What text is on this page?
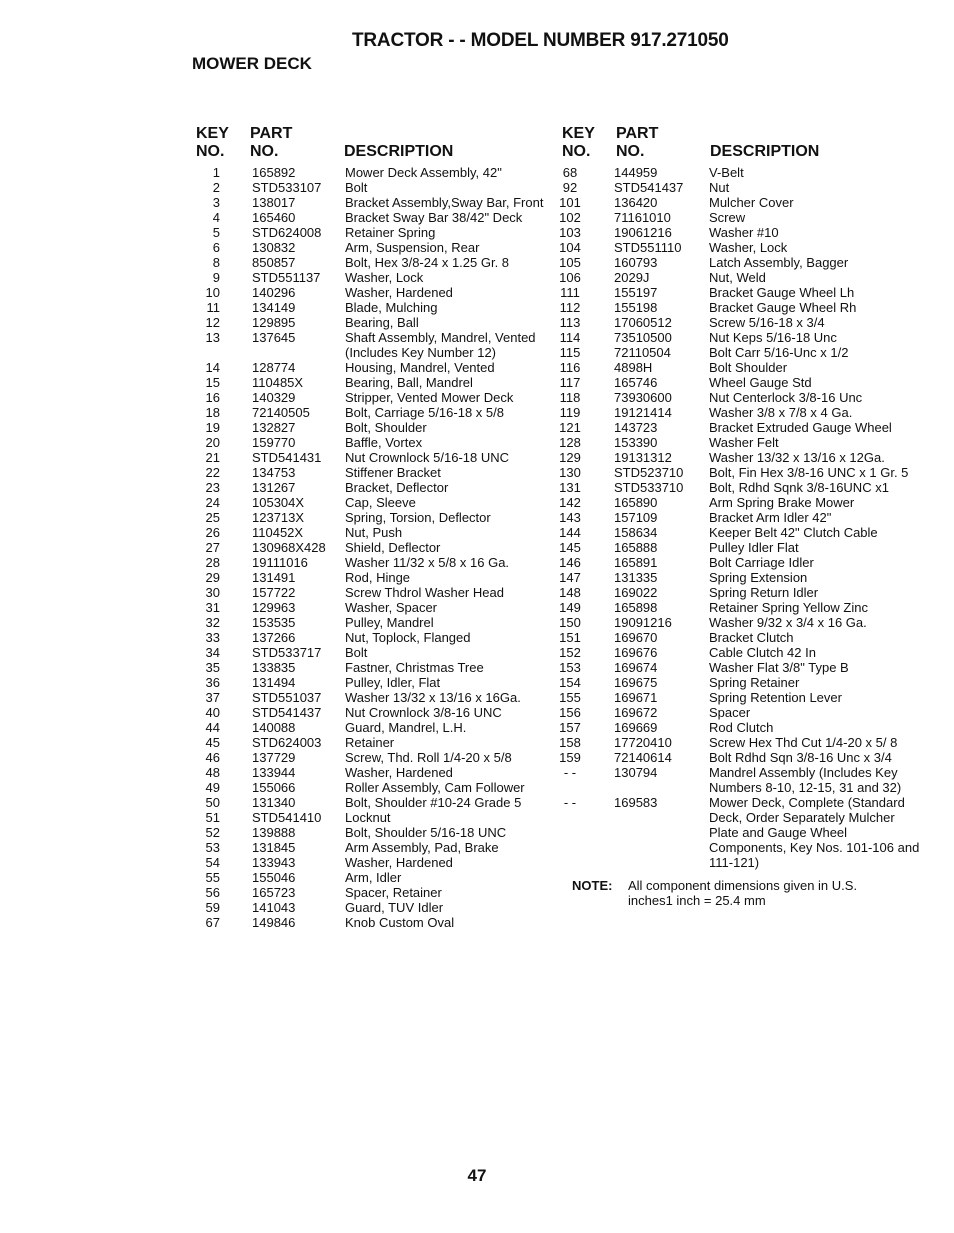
TRACTOR - - MODEL NUMBER 917.271050
MOWER DECK
KEY
NO.
PART
NO.	DESCRIPTION
1 165892	Mower Deck Assembly, 42"
2 STD533107 Bolt
3 138017	Bracket Assembly,Sway Bar, Front
4 165460	Bracket Sway Bar 38/42" Deck
5 STD624008 Retainer Spring
6 130832	Arm, Suspension, Rear
8 850857	Bolt, Hex 3/8-24 x 1.25 Gr. 8
9 STD551137 Washer, Lock
10 140296	Washer, Hardened
11 134149	Blade, Mulching
12 129895	Bearing, Ball
13 137645	Shaft Assembly, Mandrel, Vented (Includes Key Number 12)
14 128774	Housing, Mandrel, Vented
15 110485X	Bearing, Ball, Mandrel
16 140329	Stripper, Vented Mower Deck
18 72140505	Bolt, Carriage 5/16-18 x 5/8
19 132827	Bolt, Shoulder
20 159770	Baffle, Vortex
21 STD541431 Nut Crownlock 5/16-18 UNC
22 134753	Stiffener Bracket
23 131267	Bracket, Deflector
24 105304X	Cap, Sleeve
25 123713X	Spring, Torsion, Deflector
26 110452X	Nut, Push
27 130968X428 Shield, Deflector
28 19111016	Washer 11/32 x 5/8 x 16 Ga.
29 131491	Rod, Hinge
30 157722	Screw Thdrol Washer Head
31 129963	Washer, Spacer
32 153535	Pulley, Mandrel
33 137266	Nut, Toplock, Flanged
34 STD533717 Bolt
35 133835	Fastner, Christmas Tree
36 131494	Pulley, Idler, Flat
37 STD551037 Washer 13/32 x 13/16 x 16Ga.
40 STD541437 Nut Crownlock 3/8-16 UNC
44 140088	Guard, Mandrel, L.H.
45 STD624003 Retainer
46 137729	Screw, Thd. Roll 1/4-20 x 5/8
48 133944	Washer, Hardened
49 155066	Roller Assembly, Cam Follower
50 131340	Bolt, Shoulder #10-24 Grade 5
51 STD541410 Locknut
52 139888	Bolt, Shoulder 5/16-18 UNC
53 131845	Arm Assembly, Pad, Brake
54 133943	Washer, Hardened
55 155046	Arm, Idler
56 165723	Spacer, Retainer
59 141043	Guard, TUV Idler
67 149846	Knob Custom Oval
KEY
NO.
PART
NO.	DESCRIPTION
68	144959	V-Belt
92	STD541437 Nut
101	136420	Mulcher Cover
102	71161010	Screw
103	19061216	Washer #10
104	STD551110 Washer, Lock
105	160793	Latch Assembly, Bagger
106	2029J	Nut, Weld
111	155197	Bracket Gauge Wheel Lh
112	155198	Bracket Gauge Wheel Rh
113	17060512	Screw 5/16-18 x 3/4
114	73510500	Nut Keps 5/16-18 Unc
115	72110504	Bolt Carr 5/16-Unc x 1/2
116	4898H	Bolt Shoulder
117	165746	Wheel Gauge Std
118	73930600	Nut Centerlock 3/8-16 Unc
119	19121414	Washer 3/8 x 7/8 x 4 Ga.
121	143723	Bracket Extruded Gauge Wheel
128	153390	Washer Felt
129	19131312	Washer 13/32 x 13/16 x 12Ga.
130	STD523710 Bolt, Fin Hex 3/8-16 UNC x 1 Gr. 5
131	STD533710 Bolt, Rdhd Sqnk 3/8-16UNC x1
142	165890	Arm Spring Brake Mower
143	157109	Bracket Arm Idler 42"
144	158634	Keeper Belt 42" Clutch Cable
145	165888	Pulley Idler Flat
146	165891	Bolt Carriage Idler
147	131335	Spring Extension
148	169022	Spring Return Idler
149	165898	Retainer Spring Yellow Zinc
150	19091216	Washer 9/32 x 3/4 x 16 Ga.
151	169670	Bracket Clutch
152	169676	Cable Clutch 42 In
153	169674	Washer Flat 3/8" Type B
154	169675	Spring Retainer
155	169671	Spring Retention Lever
156	169672	Spacer
157	169669	Rod Clutch
158	17720410	Screw Hex Thd Cut 1/4-20 x 5/ 8
159	72140614	Bolt Rdhd Sqn 3/8-16 Unc x 3/4
- -	130794	Mandrel Assembly (Includes Key Numbers 8-10, 12-15, 31 and 32)
- -	169583	Mower Deck, Complete (Standard Deck, Order Separately Mulcher Plate and Gauge Wheel Components, Key Nos. 101-106 and 111-121)
NOTE: All component dimensions given in U.S. inches1 inch = 25.4 mm
47
